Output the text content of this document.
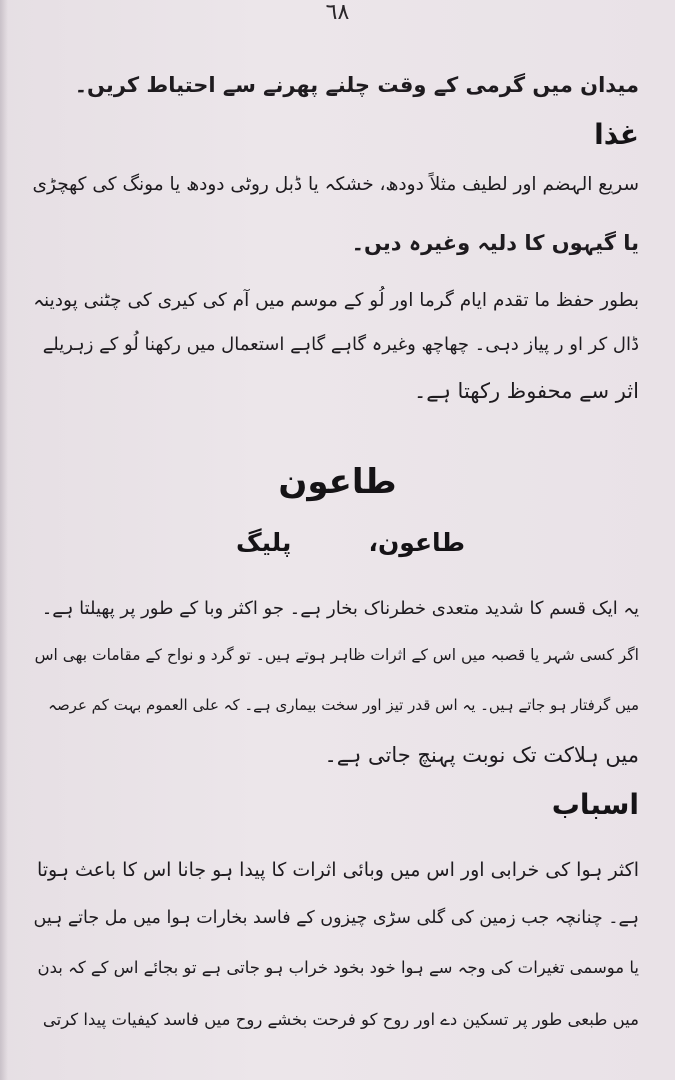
٦٨
میدان میں گرمی کے وقت چلنے پھرنے سے احتیاط کریں۔
غذا
سریع الہضم اور لطیف مثلاً دودھ، خشکہ یا ڈبل روٹی دودھ یا مونگ کی کھچڑی
یا گیہوں کا دلیہ وغیرہ دیں۔
بطور حفظ ما تقدم ایام گرما اور لُو کے موسم میں آم کی کیری کی چٹنی پودینہ
ڈال کر او ر پیاز دہی۔ چھاچھ وغیرہ گاہے گاہے استعمال میں رکھنا لُو کے زہریلے
اثر سے محفوظ رکھتا ہے۔
طاعون
طاعون،
پلیگ
یہ ایک قسم کا شدید متعدی خطرناک بخار ہے۔ جو اکثر وبا کے طور پر پھیلتا ہے۔
اگر کسی شہر یا قصبہ میں اس کے اثرات ظاہر ہوتے ہیں۔ تو گرد و نواح کے مقامات بھی اس
میں گرفتار ہو جاتے ہیں۔ یہ اس قدر تیز اور سخت بیماری ہے۔ کہ علی العموم بہت کم عرصہ
میں ہلاکت تک نوبت پہنچ جاتی ہے۔
اسباب
اکثر ہوا کی خرابی اور اس میں وبائی اثرات کا پیدا ہو جانا اس کا باعث ہوتا
ہے۔ چنانچہ جب زمین کی گلی سڑی چیزوں کے فاسد بخارات ہوا میں مل جاتے ہیں
یا موسمی تغیرات کی وجہ سے ہوا خود بخود خراب ہو جاتی ہے تو بجائے اس کے کہ بدن
میں طبعی طور پر تسکین دے اور روح کو فرحت بخشے روح میں فاسد کیفیات پیدا کرتی
